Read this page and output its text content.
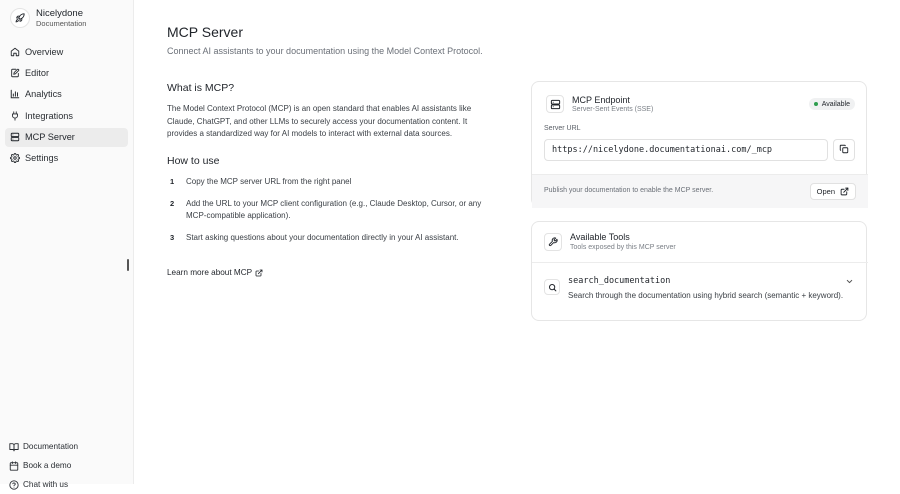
Nicelydone
Documentation
Overview
Editor
Analytics
Integrations
MCP Server
Settings
Documentation
Book a demo
Chat with us
MCP Server
Connect AI assistants to your documentation using the Model Context Protocol.
What is MCP?
The Model Context Protocol (MCP) is an open standard that enables AI assistants like Claude, ChatGPT, and other LLMs to securely access your documentation content. It provides a standardized way for AI models to interact with external data sources.
How to use
1	Copy the MCP server URL from the right panel
2	Add the URL to your MCP client configuration (e.g., Claude Desktop, Cursor, or any MCP-compatible application).
3	Start asking questions about your documentation directly in your AI assistant.
Learn more about MCP
MCP Endpoint
Server-Sent Events (SSE)
Available
Server URL
https://nicelydone.documentationai.com/_mcp
Publish your documentation to enable the MCP server.	Open
Available Tools
Tools exposed by this MCP server
search_documentation
Search through the documentation using hybrid search (semantic + keyword).
